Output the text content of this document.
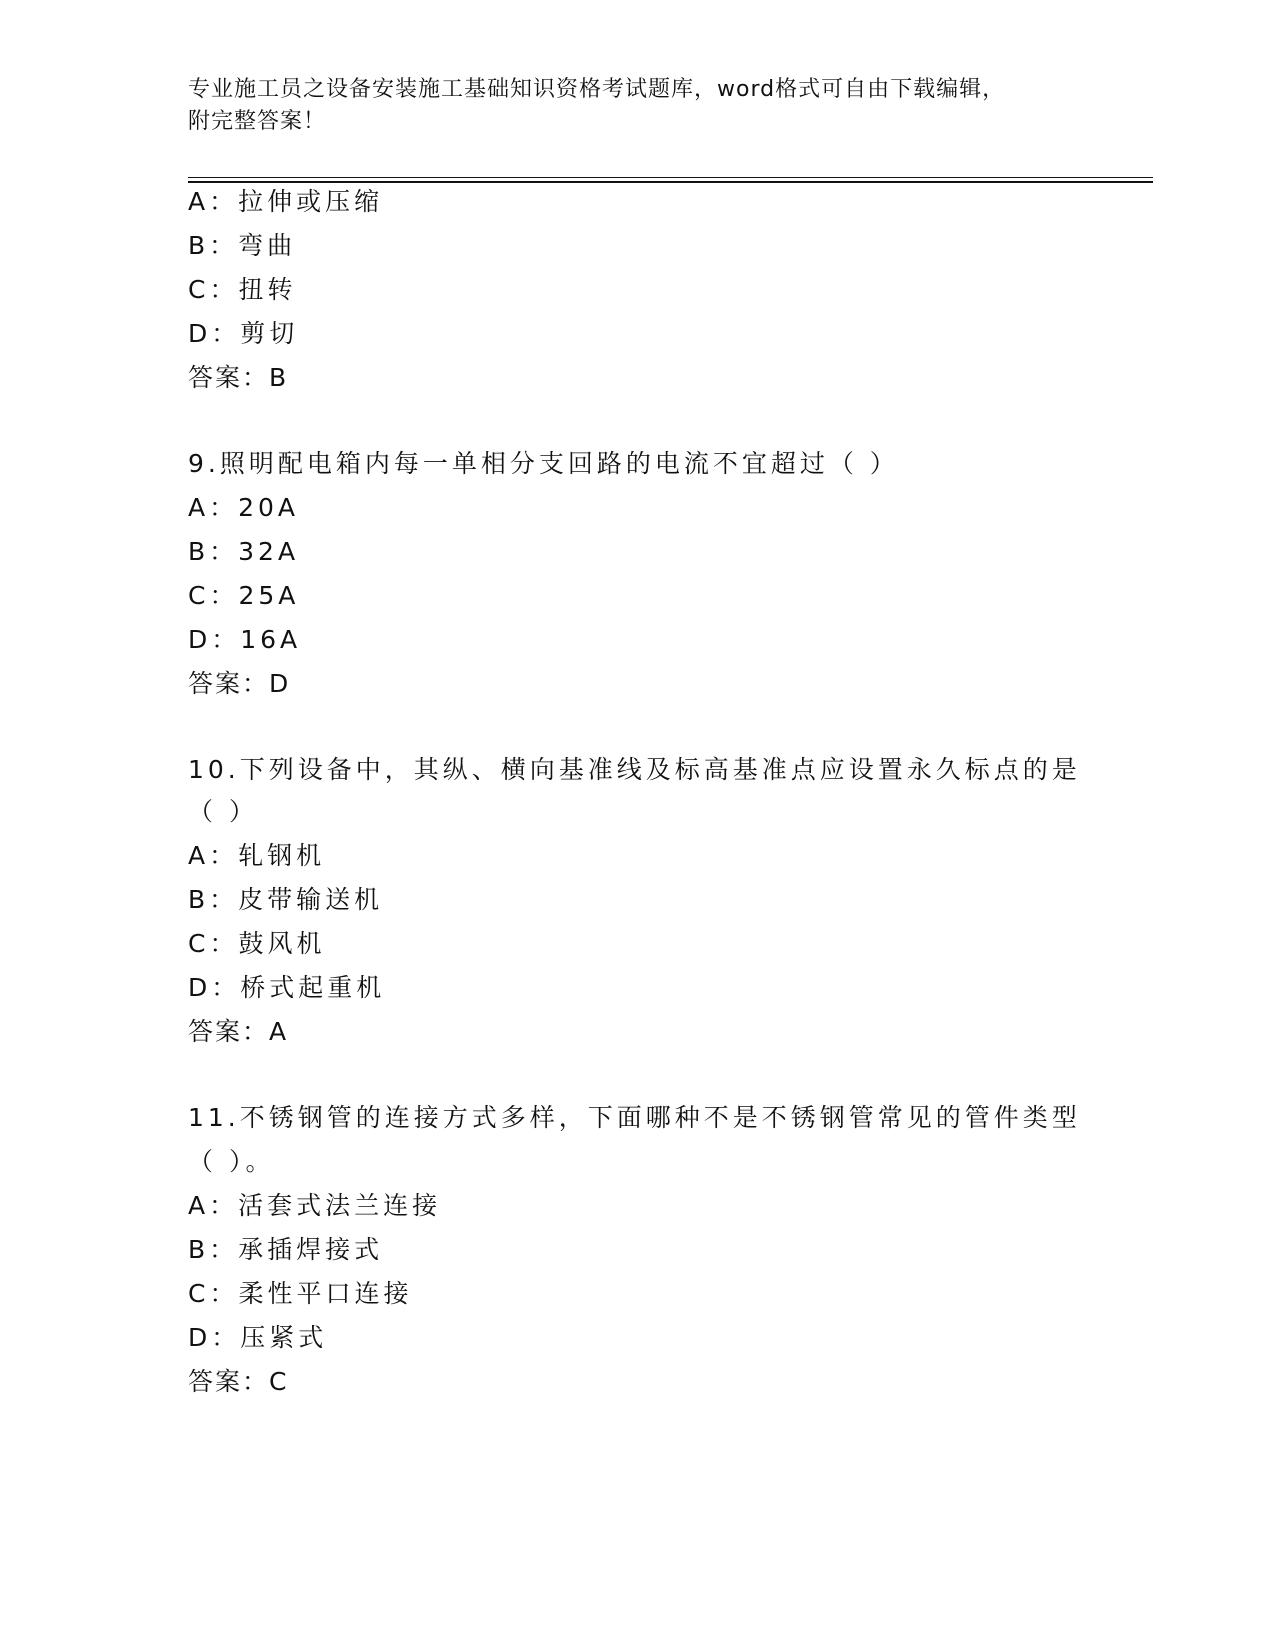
专业施工员之设备安装施工基础知识资格考试题库，word格式可自由下载编辑，
附完整答案！
A：拉伸或压缩
B：弯曲
C：扭转
D：剪切
答案：B
9.照明配电箱内每一单相分支回路的电流不宜超过（ ）
A：20A
B：32A
C：25A
D：16A
答案：D
10.下列设备中，其纵、横向基准线及标高基准点应设置永久标点的是
（ ）
A：轧钢机
B：皮带输送机
C：鼓风机
D：桥式起重机
答案：A
11.不锈钢管的连接方式多样，下面哪种不是不锈钢管常见的管件类型
（ ）。
A：活套式法兰连接
B：承插焊接式
C：柔性平口连接
D：压紧式
答案：C
